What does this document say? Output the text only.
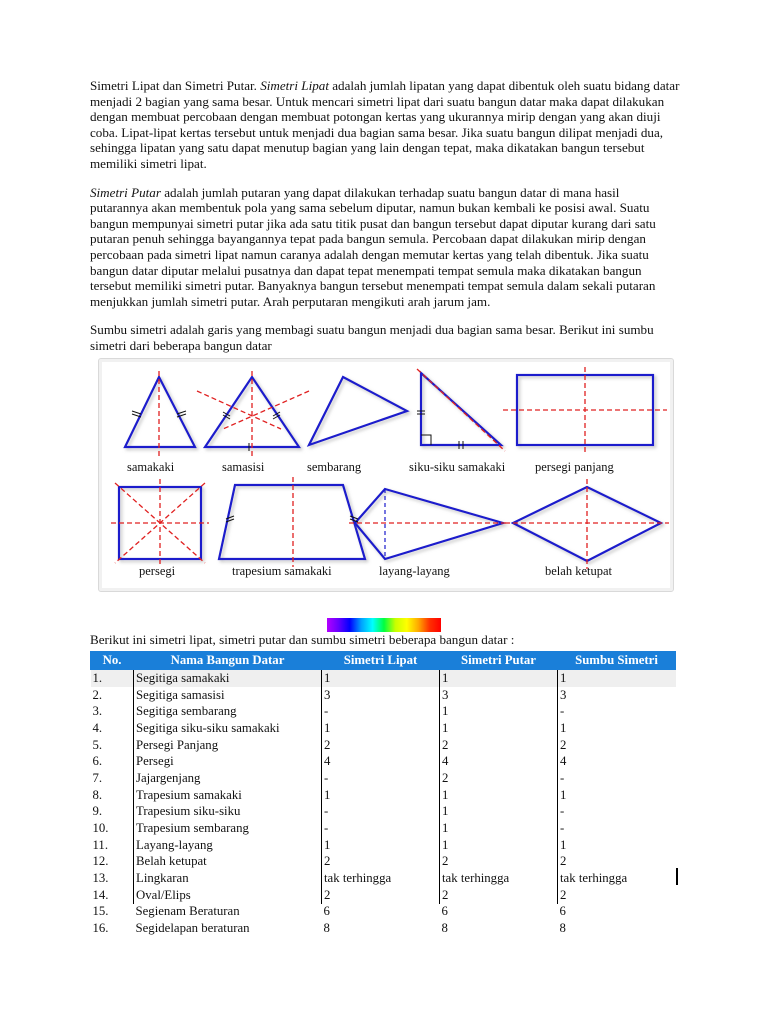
Simetri Lipat dan Simetri Putar. Simetri Lipat adalah jumlah lipatan yang dapat dibentuk oleh suatu bidang datar menjadi 2 bagian yang sama besar. Untuk mencari simetri lipat dari suatu bangun datar maka dapat dilakukan dengan membuat percobaan dengan membuat potongan kertas yang ukurannya mirip dengan yang akan diuji coba. Lipat-lipat kertas tersebut untuk menjadi dua bagian sama besar. Jika suatu bangun dilipat menjadi dua, sehingga lipatan yang satu dapat menutup bagian yang lain dengan tepat, maka dikatakan bangun tersebut memiliki simetri lipat.

Simetri Putar adalah jumlah putaran yang dapat dilakukan terhadap suatu bangun datar di mana hasil putarannya akan membentuk pola yang sama sebelum diputar, namun bukan kembali ke posisi awal. Suatu bangun mempunyai simetri putar jika ada satu titik pusat dan bangun tersebut dapat diputar kurang dari satu putaran penuh sehingga bayangannya tepat pada bangun semula. Percobaan dapat dilakukan mirip dengan percobaan pada simetri lipat namun caranya adalah dengan memutar kertas yang telah dibentuk. Jika suatu bangun datar diputar melalui pusatnya dan dapat tepat menempati tempat semula maka dikatakan bangun tersebut memiliki simetri putar. Banyaknya bangun tersebut menempati tempat semula dalam sekali putaran menjukkan jumlah simetri putar. Arah perputaran mengikuti arah jarum jam.

Sumbu simetri adalah garis yang membagi suatu bangun menjadi dua bagian sama besar. Berikut ini sumbu simetri dari beberapa bangun datar

samakaki	samasisi	sembarang	siku-siku samakaki persegi panjang
persegi	trapesium samakaki	layang-layang	belah ketupat
Berikut ini simetri lipat, simetri putar dan sumbu simetri beberapa bangun datar :
No.	Nama Bangun Datar	Simetri Lipat	Simetri Putar	Sumbu Simetri
1.	Segitiga samakaki	1	1	1
2.	Segitiga samasisi	3	3	3
3.	Segitiga sembarang	-	1	-
4.	Segitiga siku-siku samakaki	1	1	1
5.	Persegi Panjang	2	2	2
6.	Persegi	4	4	4
7.	Jajargenjang	-	2	-
8.	Trapesium samakaki	1	1	1
9.	Trapesium siku-siku	-	1	-
10.	Trapesium sembarang	-	1	-
11.	Layang-layang	1	1	1
12.	Belah ketupat	2	2	2
13.	Lingkaran	tak terhingga	tak terhingga	tak terhingga
14.	Oval/Elips	2	2	2
15.	Segienam Beraturan	6	6	6
16.	Segidelapan beraturan	8	8	8
